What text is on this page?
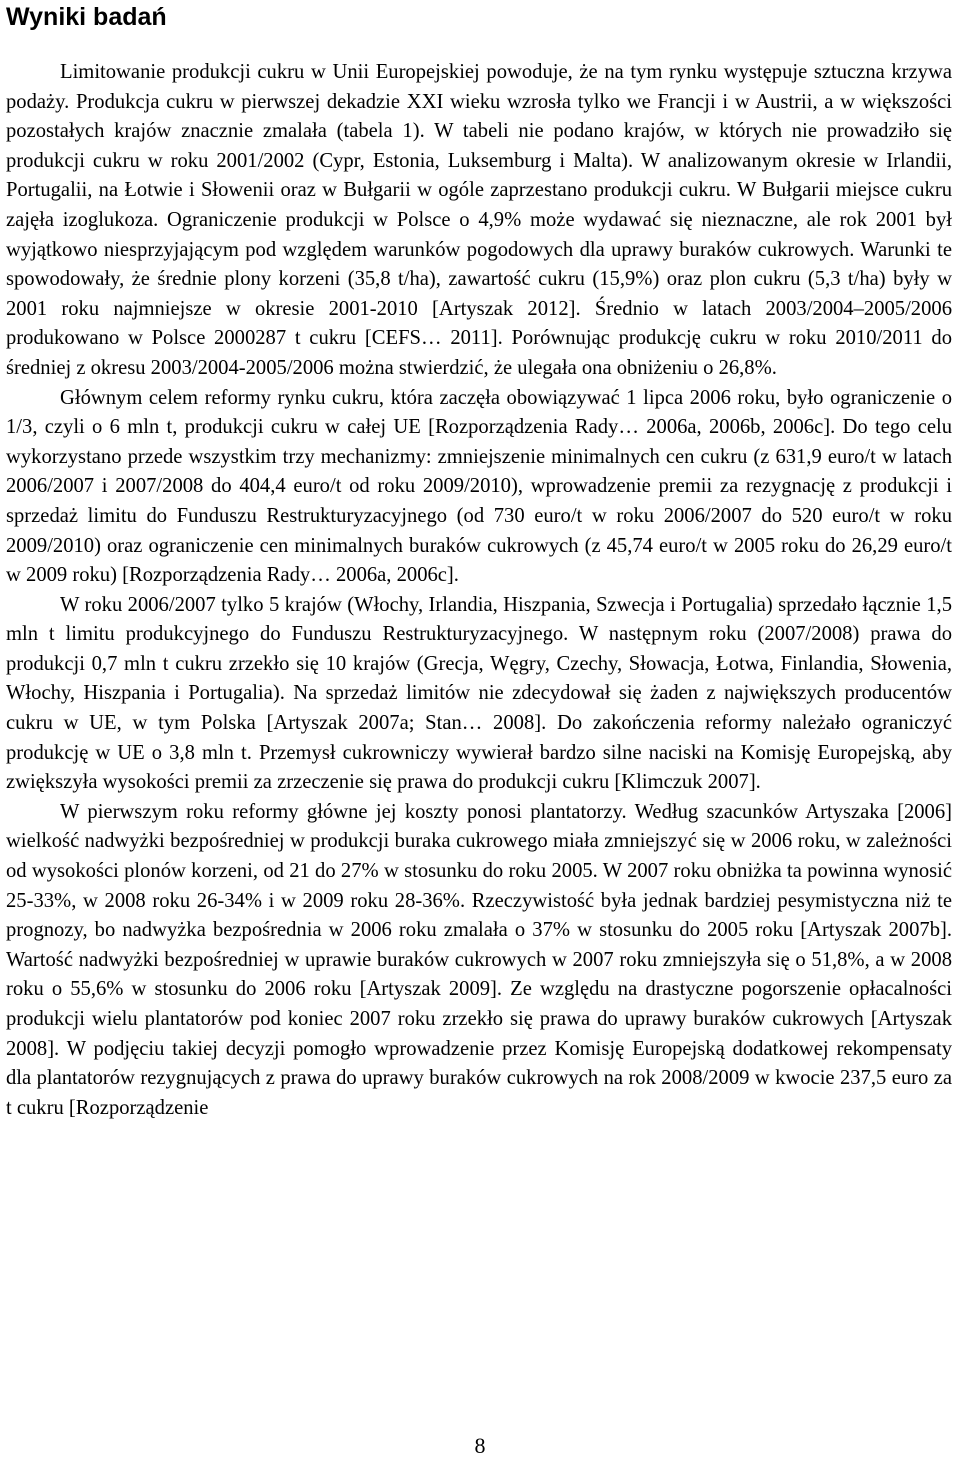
Wyniki badań

Limitowanie produkcji cukru w Unii Europejskiej powoduje, że na tym rynku występuje sztuczna krzywa podaży. Produkcja cukru w pierwszej dekadzie XXI wieku wzrosła tylko we Francji i w Austrii, a w większości pozostałych krajów znacznie zmalała (tabela 1). W tabeli nie podano krajów, w których nie prowadziło się produkcji cukru w roku 2001/2002 (Cypr, Estonia, Luksemburg i Malta). W analizowanym okresie w Irlandii, Portugalii, na Łotwie i Słowenii oraz w Bułgarii w ogóle zaprzestano produkcji cukru. W Bułgarii miejsce cukru zajęła izoglukoza. Ograniczenie produkcji w Polsce o 4,9% może wydawać się nieznaczne, ale rok 2001 był wyjątkowo niesprzyjającym pod względem warunków pogodowych dla uprawy buraków cukrowych. Warunki te spowodowały, że średnie plony korzeni (35,8 t/ha), zawartość cukru (15,9%) oraz plon cukru (5,3 t/ha) były w 2001 roku najmniejsze w okresie 2001-2010 [Artyszak 2012]. Średnio w latach 2003/2004–2005/2006 produkowano w Polsce 2000287 t cukru [CEFS… 2011]. Porównując produkcję cukru w roku 2010/2011 do średniej z okresu 2003/2004-2005/2006 można stwierdzić, że ulegała ona obniżeniu o 26,8%.

Głównym celem reformy rynku cukru, która zaczęła obowiązywać 1 lipca 2006 roku, było ograniczenie o 1/3, czyli o 6 mln t, produkcji cukru w całej UE [Rozporządzenia Rady… 2006a, 2006b, 2006c]. Do tego celu wykorzystano przede wszystkim trzy mechanizmy: zmniejszenie minimalnych cen cukru (z 631,9 euro/t w latach 2006/2007 i 2007/2008 do 404,4 euro/t od roku 2009/2010), wprowadzenie premii za rezygnację z produkcji i sprzedaż limitu do Funduszu Restrukturyzacyjnego (od 730 euro/t w roku 2006/2007 do 520 euro/t w roku 2009/2010) oraz ograniczenie cen minimalnych buraków cukrowych (z 45,74 euro/t w 2005 roku do 26,29 euro/t w 2009 roku) [Rozporządzenia Rady… 2006a, 2006c].

W roku 2006/2007 tylko 5 krajów (Włochy, Irlandia, Hiszpania, Szwecja i Portugalia) sprzedało łącznie 1,5 mln t limitu produkcyjnego do Funduszu Restrukturyzacyjnego. W następnym roku (2007/2008) prawa do produkcji 0,7 mln t cukru zrzekło się 10 krajów (Grecja, Węgry, Czechy, Słowacja, Łotwa, Finlandia, Słowenia, Włochy, Hiszpania i Portugalia). Na sprzedaż limitów nie zdecydował się żaden z największych producentów cukru w UE, w tym Polska [Artyszak 2007a; Stan… 2008]. Do zakończenia reformy należało ograniczyć produkcję w UE o 3,8 mln t. Przemysł cukrowniczy wywierał bardzo silne naciski na Komisję Europejską, aby zwiększyła wysokości premii za zrzeczenie się prawa do produkcji cukru [Klimczuk 2007].

W pierwszym roku reformy główne jej koszty ponosi plantatorzy. Według szacunków Artyszaka [2006] wielkość nadwyżki bezpośredniej w produkcji buraka cukrowego miała zmniejszyć się w 2006 roku, w zależności od wysokości plonów korzeni, od 21 do 27% w stosunku do roku 2005. W 2007 roku obniżka ta powinna wynosić 25-33%, w 2008 roku 26-34% i w 2009 roku 28-36%. Rzeczywistość była jednak bardziej pesymistyczna niż te prognozy, bo nadwyżka bezpośrednia w 2006 roku zmalała o 37% w stosunku do 2005 roku [Artyszak 2007b]. Wartość nadwyżki bezpośredniej w uprawie buraków cukrowych w 2007 roku zmniejszyła się o 51,8%, a w 2008 roku o 55,6% w stosunku do 2006 roku [Artyszak 2009]. Ze względu na drastyczne pogorszenie opłacalności produkcji wielu plantatorów pod koniec 2007 roku zrzekło się prawa do uprawy buraków cukrowych [Artyszak 2008]. W podjęciu takiej decyzji pomogło wprowadzenie przez Komisję Europejską dodatkowej rekompensaty dla plantatorów rezygnujących z prawa do uprawy buraków cukrowych na rok 2008/2009 w kwocie 237,5 euro za t cukru [Rozporządzenie

8
